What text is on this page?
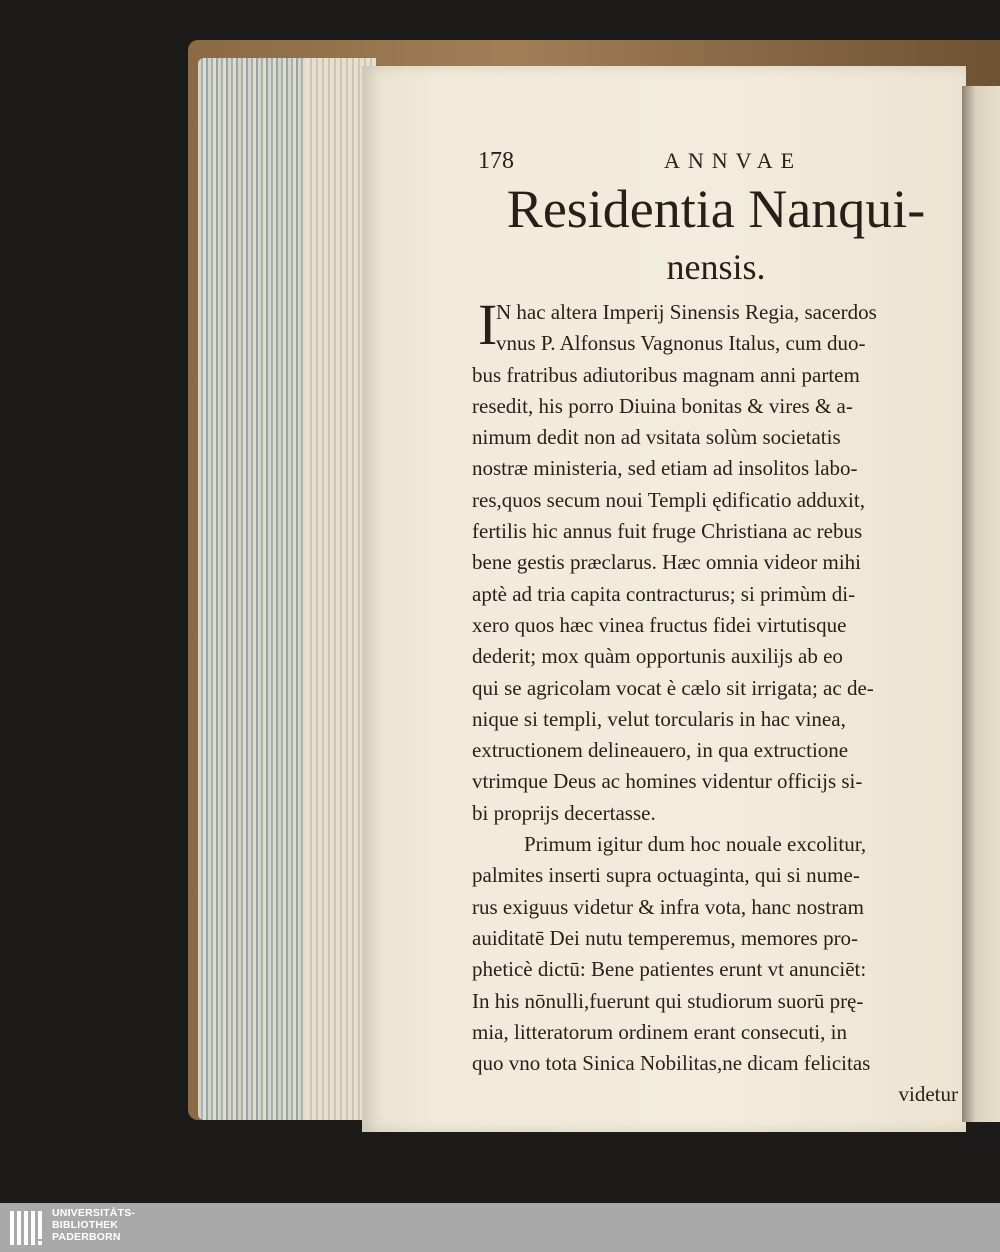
178	ANNVAE
Residentia Nanqui-
nensis.
I
N hac altera Imperij Sinensis Regia, sacerdos
vnus P. Alfonsus Vagnonus Italus, cum duo-
bus fratribus adiutoribus magnam anni partem
resedit, his porro Diuina bonitas & vires & a-
nimum dedit non ad vsitata solùm societatis
nostræ ministeria, sed etiam ad insolitos labo-
res,quos secum noui Templi ędificatio adduxit,
fertilis hic annus fuit fruge Christiana ac rebus
bene gestis præclarus. Hæc omnia videor mihi
aptè ad tria capita contracturus; si primùm di-
xero quos hæc vinea fructus fidei virtutisque
dederit; mox quàm opportunis auxilijs ab eo
qui se agricolam vocat è cælo sit irrigata; ac de-
nique si templi, velut torcularis in hac vinea,
extructionem delineauero, in qua extructione
vtrimque Deus ac homines videntur officijs si-
bi proprijs decertasse.
Primum igitur dum hoc nouale excolitur,
palmites inserti supra octuaginta, qui si nume-
rus exiguus videtur & infra vota, hanc nostram
auiditatē Dei nutu temperemus, memores pro-
pheticè dictū: Bene patientes erunt vt anunciēt:
In his nōnulli,fuerunt qui studiorum suorū prę-
mia, litteratorum ordinem erant consecuti, in
quo vno tota Sinica Nobilitas,ne dicam felicitas
videtur
UNIVERSITÄTS-
BIBLIOTHEK
PADERBORN
